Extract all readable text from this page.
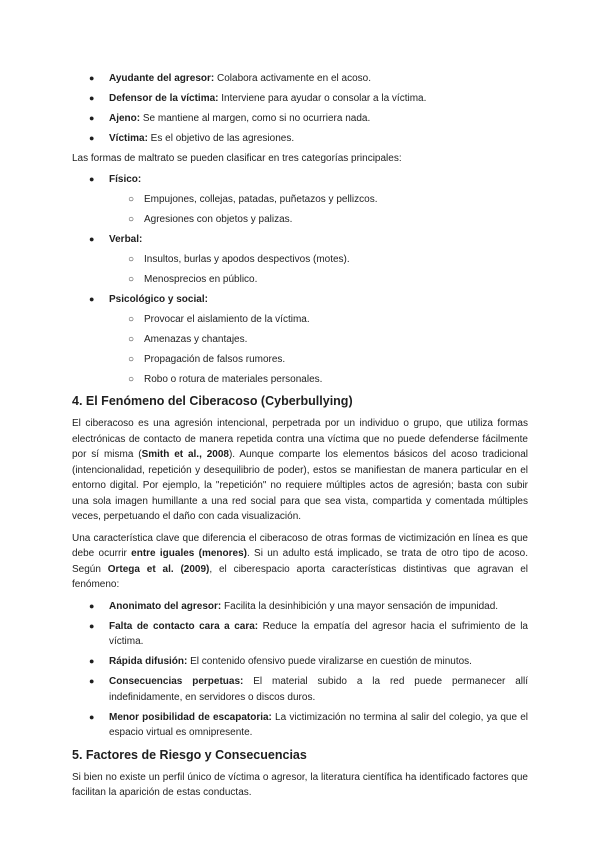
● Ayudante del agresor: Colabora activamente en el acoso.
● Defensor de la víctima: Interviene para ayudar o consolar a la víctima.
● Ajeno: Se mantiene al margen, como si no ocurriera nada.
● Víctima: Es el objetivo de las agresiones.

Las formas de maltrato se pueden clasificar en tres categorías principales:

● Físico:
○ Empujones, collejas, patadas, puñetazos y pellizcos.
○ Agresiones con objetos y palizas.
● Verbal:
○ Insultos, burlas y apodos despectivos (motes).
○ Menosprecios en público.
● Psicológico y social:
○ Provocar el aislamiento de la víctima.
○ Amenazas y chantajes.
○ Propagación de falsos rumores.
○ Robo o rotura de materiales personales.
4. El Fenómeno del Ciberacoso (Cyberbullying)

El ciberacoso es una agresión intencional, perpetrada por un individuo o grupo, que utiliza formas electrónicas de contacto de manera repetida contra una víctima que no puede defenderse fácilmente por sí misma (Smith et al., 2008). Aunque comparte los elementos básicos del acoso tradicional (intencionalidad, repetición y desequilibrio de poder), estos se manifiestan de manera particular en el entorno digital. Por ejemplo, la "repetición" no requiere múltiples actos de agresión; basta con subir una sola imagen humillante a una red social para que sea vista, compartida y comentada múltiples veces, perpetuando el daño con cada visualización.

Una característica clave que diferencia el ciberacoso de otras formas de victimización en línea es que debe ocurrir entre iguales (menores). Si un adulto está implicado, se trata de otro tipo de acoso. Según Ortega et al. (2009), el ciberespacio aporta características distintivas que agravan el fenómeno:

● Anonimato del agresor: Facilita la desinhibición y una mayor sensación de impunidad.
● Falta de contacto cara a cara: Reduce la empatía del agresor hacia el sufrimiento de la víctima.
● Rápida difusión: El contenido ofensivo puede viralizarse en cuestión de minutos.
● Consecuencias perpetuas: El material subido a la red puede permanecer allí indefinidamente, en servidores o discos duros.
● Menor posibilidad de escapatoria: La victimización no termina al salir del colegio, ya que el espacio virtual es omnipresente.
5. Factores de Riesgo y Consecuencias

Si bien no existe un perfil único de víctima o agresor, la literatura científica ha identificado factores que facilitan la aparición de estas conductas.
